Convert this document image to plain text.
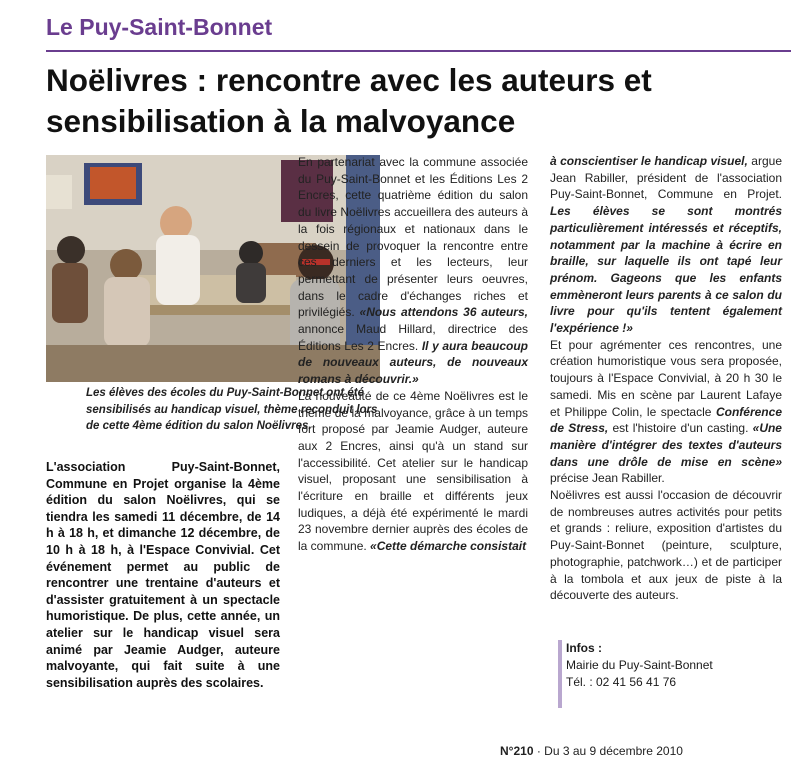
Le Puy-Saint-Bonnet
Noëlivres : rencontre avec les auteurs et sensibilisation à la malvoyance
Les élèves des écoles du Puy-Saint-Bonnet ont été sensibilisés au handicap visuel, thème reconduit lors de cette 4ème édition du salon Noëlivres.
L'association Puy-Saint-Bonnet, Commune en Projet organise la 4ème édition du salon Noëlivres, qui se tiendra les samedi 11 décembre, de 14 h à 18 h, et dimanche 12 décembre, de 10 h à 18 h, à l'Espace Convivial. Cet événement permet au public de rencontrer une trentaine d'auteurs et d'assister gratuitement à un spectacle humoristique. De plus, cette année, un atelier sur le handicap visuel sera animé par Jeamie Audger, auteure malvoyante, qui fait suite à une sensibilisation auprès des scolaires.

En partenariat avec la commune associée du Puy-Saint-Bonnet et les Éditions Les 2 Encres, cette quatrième édition du salon du livre Noëlivres accueillera des auteurs à la fois régionaux et nationaux dans le dessein de provoquer la rencontre entre ces derniers et les lecteurs, leur permettant de présenter leurs oeuvres, dans le cadre d'échanges riches et privilégiés. «Nous attendons 36 auteurs, annonce Maud Hillard, directrice des Éditions Les 2 Encres. Il y aura beaucoup de nouveaux auteurs, de nouveaux romans à découvrir.»

La nouveauté de ce 4ème Noëlivres est le thème de la malvoyance, grâce à un temps fort proposé par Jeamie Audger, auteure aux 2 Encres, ainsi qu'à un stand sur l'accessibilité. Cet atelier sur le handicap visuel, proposant une sensibilisation à l'écriture en braille et différents jeux ludiques, a déjà été expérimenté le mardi 23 novembre dernier auprès des écoles de la commune. «Cette démarche consistait

à conscientiser le handicap visuel, argue Jean Rabiller, président de l'association Puy-Saint-Bonnet, Commune en Projet. Les élèves se sont montrés particulièrement intéressés et réceptifs, notamment par la machine à écrire en braille, sur laquelle ils ont tapé leur prénom. Gageons que les enfants emmèneront leurs parents à ce salon du livre pour qu'ils tentent également l'expérience !»

Et pour agrémenter ces rencontres, une création humoristique vous sera proposée, toujours à l'Espace Convivial, à 20 h 30 le samedi. Mis en scène par Laurent Lafaye et Philippe Colin, le spectacle Conférence de Stress, est l'histoire d'un casting. «Une manière d'intégrer des textes d'auteurs dans une drôle de mise en scène» précise Jean Rabiller.

Noëlivres est aussi l'occasion de découvrir de nombreuses autres activités pour petits et grands : reliure, exposition d'artistes du Puy-Saint-Bonnet (peinture, sculpture, photographie, patchwork…) et de participer à la tombola et aux jeux de piste à la découverte des auteurs.

Infos :
Mairie du Puy-Saint-Bonnet
Tél. : 02 41 56 41 76
N°210 · Du 3 au 9 décembre 2010
